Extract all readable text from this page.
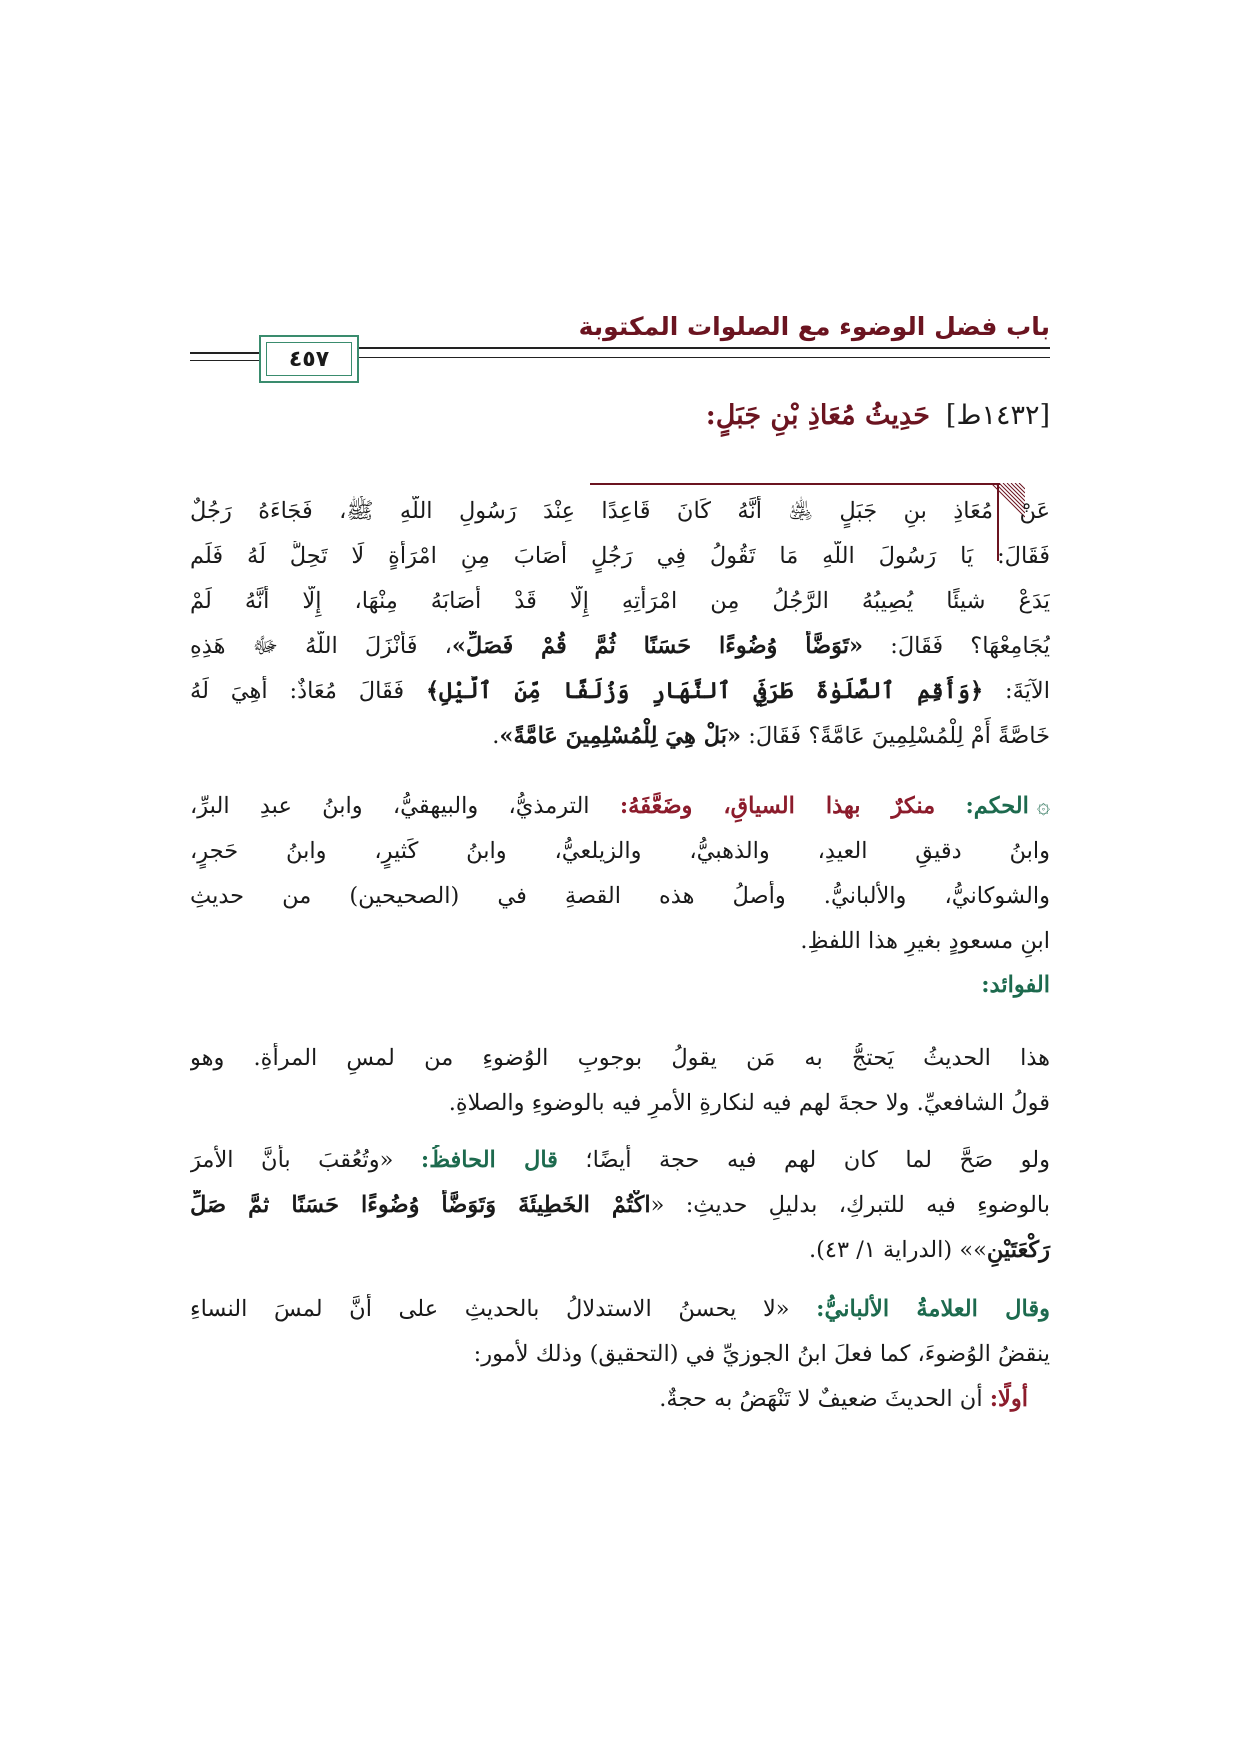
باب فضل الوضوء مع الصلوات المكتوبة
٤٥٧
[١٤٣٢ط]حَدِيثُ مُعَاذِ بْنِ جَبَلٍ:
عَنْ مُعَاذِ بنِ جَبَلٍ ﵁ أَنَّهُ كَانَ قَاعِدًا عِنْدَ رَسُولِ اللَّهِ ﷺ، فَجَاءَهُ رَجُلٌ
فَقَالَ: يَا رَسُولَ اللَّهِ مَا تَقُولُ فِي رَجُلٍ أَصَابَ مِنِ امْرَأَةٍ لَا تَحِلُّ لَهُ فَلَم
يَدَعْ شيئًا يُصِيبُهُ الرَّجُلُ مِن امْرَأَتِهِ إِلَّا قَدْ أَصَابَهُ مِنْهَا، إِلَّا أَنَّهُ لَمْ
يُجَامِعْهَا؟ فَقَالَ: «تَوَضَّأْ وُضُوءًا حَسَنًا ثُمَّ قُمْ فَصَلِّ»، فَأَنْزَلَ اللَّهُ ﷻ هَذِهِ
الآيَةَ: ﴿وَأَقِمِ ٱلصَّلَوٰةَ طَرَفَيِ ٱلنَّهَارِ وَزُلَفًا مِّنَ ٱلَّيْلِ﴾ فَقَالَ مُعَاذٌ: أَهِيَ لَهُ
خَاصَّةً أَمْ لِلْمُسْلِمِينَ عَامَّةً؟ فَقَالَ: «بَلْ هِيَ لِلْمُسْلِمِينَ عَامَّةً».
۞الحكم: منكرٌ بهذا السياقِ، وضَعَّفَهُ: الترمذيُّ، والبيهقيُّ، وابنُ عبدِ البرِّ،
وابنُ دقيقِ العيدِ، والذهبيُّ، والزيلعيُّ، وابنُ كَثيرٍ، وابنُ حَجرٍ،
والشوكانيُّ، والألبانيُّ. وأصلُ هذه القصةِ في (الصحيحين) من حديثِ
ابنِ مسعودٍ بغيرِ هذا اللفظِ.
الفوائد:
هذا الحديثُ يَحتجُّ به مَن يقولُ بوجوبِ الوُضوءِ من لمسِ المرأةِ. وهو
قولُ الشافعيِّ. ولا حجةَ لهم فيه لنكارةِ الأمرِ فيه بالوضوءِ والصلاةِ.
ولو صَحَّ لما كان لهم فيه حجة أيضًا؛ قال الحافظُ: «وتُعُقبَ بأنَّ الأمرَ
بالوضوءِ فيه للتبركِ، بدليلِ حديثِ: «اكْتُمْ الخَطِيئَةَ وَتَوَضَّأْ وُضُوءًا حَسَنًا ثمَّ صَلِّ
رَكْعَتَيْنِ»» (الدراية ١/ ٤٣).
وقال العلامةُ الألبانيُّ: «لا يحسنُ الاستدلالُ بالحديثِ على أنَّ لمسَ النساءِ
ينقضُ الوُضوءَ، كما فعلَ ابنُ الجوزيِّ في (التحقيق) وذلك لأمور:
أولًا: أن الحديثَ ضعيفٌ لا تَنْهَضُ به حجةٌ.
